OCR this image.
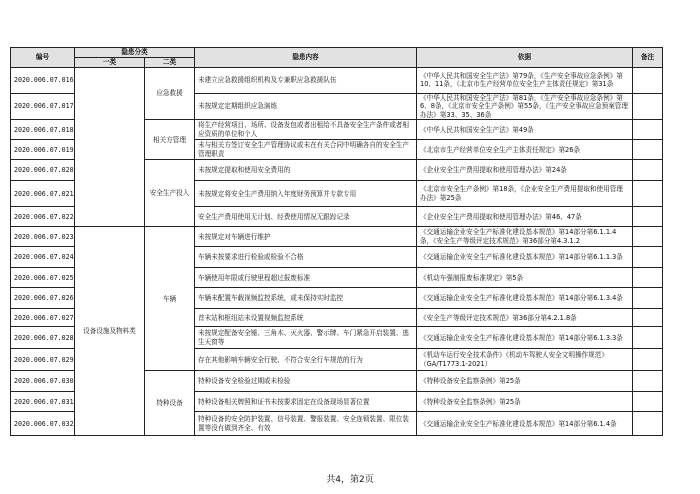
编号	隐患分类		隐患内容	依据	备注
	一类	二类			
2020.006.07.016		应急救援	未建立应急救援组织机构及专兼职应急救援队伍	《中华人民共和国安全生产法》第79条，《生产安全事故应急条例》第10、11条，《北京市生产经营单位安全生产主体责任规定》第31条	
2020.006.07.017			未按规定定期组织应急演练	《中华人民共和国安全生产法》第81条，《生产安全事故应急条例》第6、8条，《北京市安全生产条例》第55条，《生产安全事故应急预案管理办法》第33、35、36条	
2020.006.07.018		相关方管理	将生产经营项目、场所、设备发包或者出租给不具备安全生产条件或者相应资质的单位和个人	《中华人民共和国安全生产法》第49条	
2020.006.07.019			未与相关方签订安全生产管理协议或未在有关合同中明确各自的安全生产管理职责	《北京市生产经营单位安全生产主体责任规定》第26条	
2020.006.07.020		安全生产投入	未按规定提取和使用安全费用的	《企业安全生产费用提取和使用管理办法》第24条	
2020.006.07.021			未按规定将安全生产费用纳入年度财务预算并专款专用	《北京市安全生产条例》第18条，《企业安全生产费用提取和使用管理办法》第25条	
2020.006.07.022			安全生产费用使用无计划、经费使用情况无跟踪记录	《企业安全生产费用提取和使用管理办法》第46、47条	
2020.006.07.023	设备设施及物料类	车辆	未按规定对车辆进行维护	《交通运输企业安全生产标准化建设基本规范》第14部分第6.1.1.4条，《安全生产等级评定技术规范》第36部分第4.3.1.2	
2020.006.07.024			车辆未按要求进行检验或检验不合格	《交通运输企业安全生产标准化建设基本规范》第14部分第6.1.1.3条	
2020.006.07.025			车辆使用年限或行驶里程超过报废标准	《机动车强制报废标准规定》第5条	
2020.006.07.026			车辆未配置车载视频监控系统，或未保持实时监控	《交通运输企业安全生产标准化建设基本规范》第14部分第6.1.3.4条	
2020.006.07.027			首末站和枢纽站未设置视频监控系统	《安全生产等级评定技术规范》第36部分第4.2.1.8条	
2020.006.07.028			未按规定配备安全锤、三角木、灭火器、警示牌、车门紧急开启装置、逃生天窗等	《交通运输企业安全生产标准化建设基本规范》第14部分第6.1.3.3条	
2020.006.07.029			存在其他影响车辆安全行驶、不符合安全行车规范的行为	《机动车运行安全技术条件》《机动车驾驶人安全文明操作规范》（GA/T1773.1-2021）	
2020.006.07.030		特种设备	特种设备安全检验过期或未检验	《特种设备安全监察条例》第25条	
2020.006.07.031			特种设备相关牌照和证书未按要求固定在设备现场显著位置	《特种设备安全监察条例》第25条	
2020.006.07.032			特种设备的安全防护装置、信号装置、警报装置、安全连锁装置、限位装置等没有做到齐全、有效	《交通运输企业安全生产标准化建设基本规范》第14部分第6.1.4条	
共4，第2页
